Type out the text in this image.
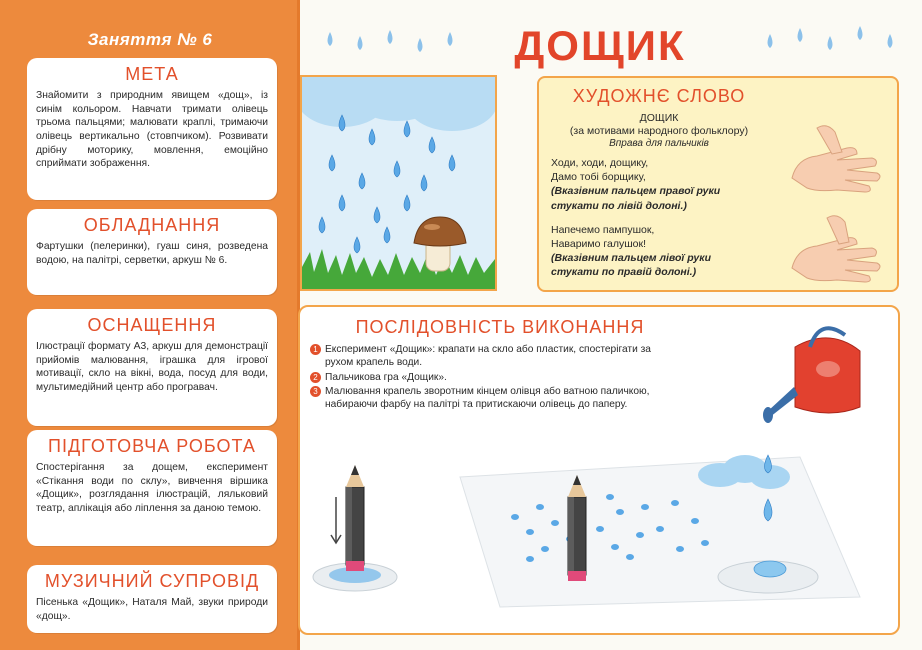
Заняття № 6
МЕТА

Знайомити з природним явищем «дощ», із синім кольором. Навчати тримати олівець трьома пальцями; малювати краплі, тримаючи олівець вертикально (стовпчиком). Розвивати дрібну моторику, мовлення, емоційно сприймати зображення.

ОБЛАДНАННЯ

Фартушки (пелеринки), гуаш синя, розведена водою, на палітрі, серветки, аркуш № 6.

ОСНАЩЕННЯ

Ілюстрації формату А3, аркуш для демонстрації прийомів малювання, іграшка для ігрової мотивації, скло на вікні, вода, посуд для води, мультимедійний центр або програвач.

ПІДГОТОВЧА РОБОТА

Спостерігання за дощем, експеримент «Стікання води по склу», вивчення віршика «Дощик», розглядання ілюстрацій, ляльковий театр, аплікація або ліплення за даною темою.

МУЗИЧНИЙ СУПРОВІД

Пісенька «Дощик», Наталя Май, звуки природи «дощ».

ДОЩИК
ХУДОЖНЄ СЛОВО
ДОЩИК
(за мотивами народного фольклору)
Вправа для пальчиків
Ходи, ходи, дощику,
Дамо тобі борщику,
(Вказівним пальцем правої руки
стукати по лівій долоні.)
Напечемо пампушок,
Наваримо галушок!
(Вказівним пальцем лівої руки
стукати по правій долоні.)
ПОСЛІДОВНІСТЬ ВИКОНАННЯ
1 Експеримент «Дощик»: крапати на скло або пластик, спостерігати за рухом крапель води.
2 Пальчикова гра «Дощик».
3 Малювання крапель зворотним кінцем олівця або ватною паличкою, набираючи фарбу на палітрі та притискаючи олівець до паперу.
